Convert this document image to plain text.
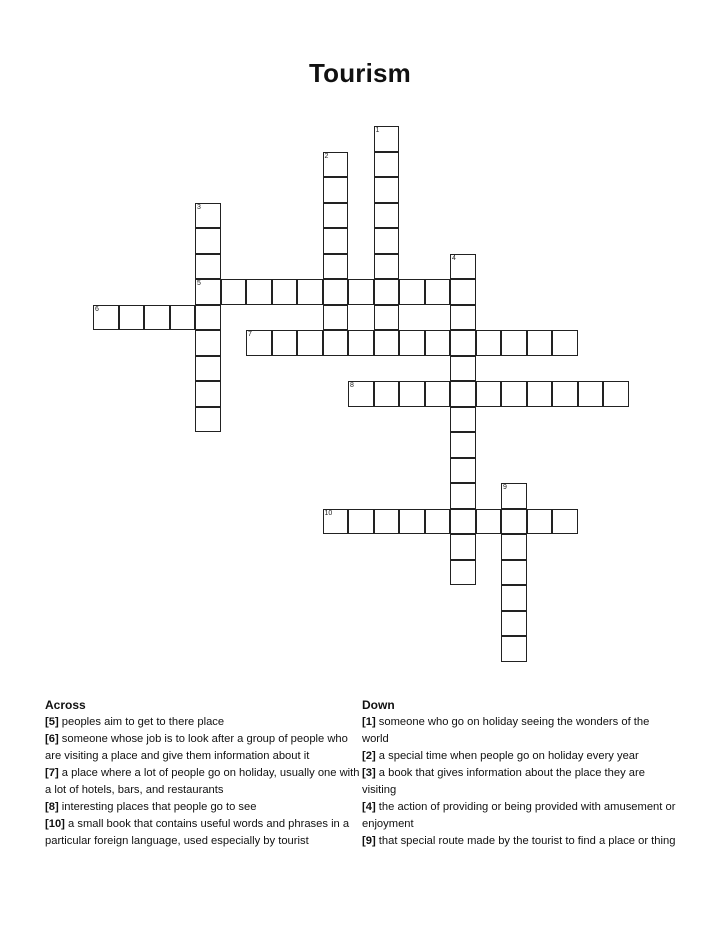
Tourism
1
2
3
5
4
6
7
8
9
10
Across

[5] peoples aim to get to there place

[6] someone whose job is to look after a group of people who are visiting a place and give them information about it

[7] a place where a lot of people go on holiday, usually one with a lot of hotels, bars, and restaurants

[8] interesting places that people go to see

[10] a small book that contains useful words and phrases in a particular foreign language, used especially by tourist

Down

[1] someone who go on holiday seeing the wonders of the world

[2] a special time when people go on holiday every year

[3] a book that gives information about the place they are visiting

[4] the action of providing or being provided with amusement or enjoyment

[9] that special route made by the tourist to find a place or thing
